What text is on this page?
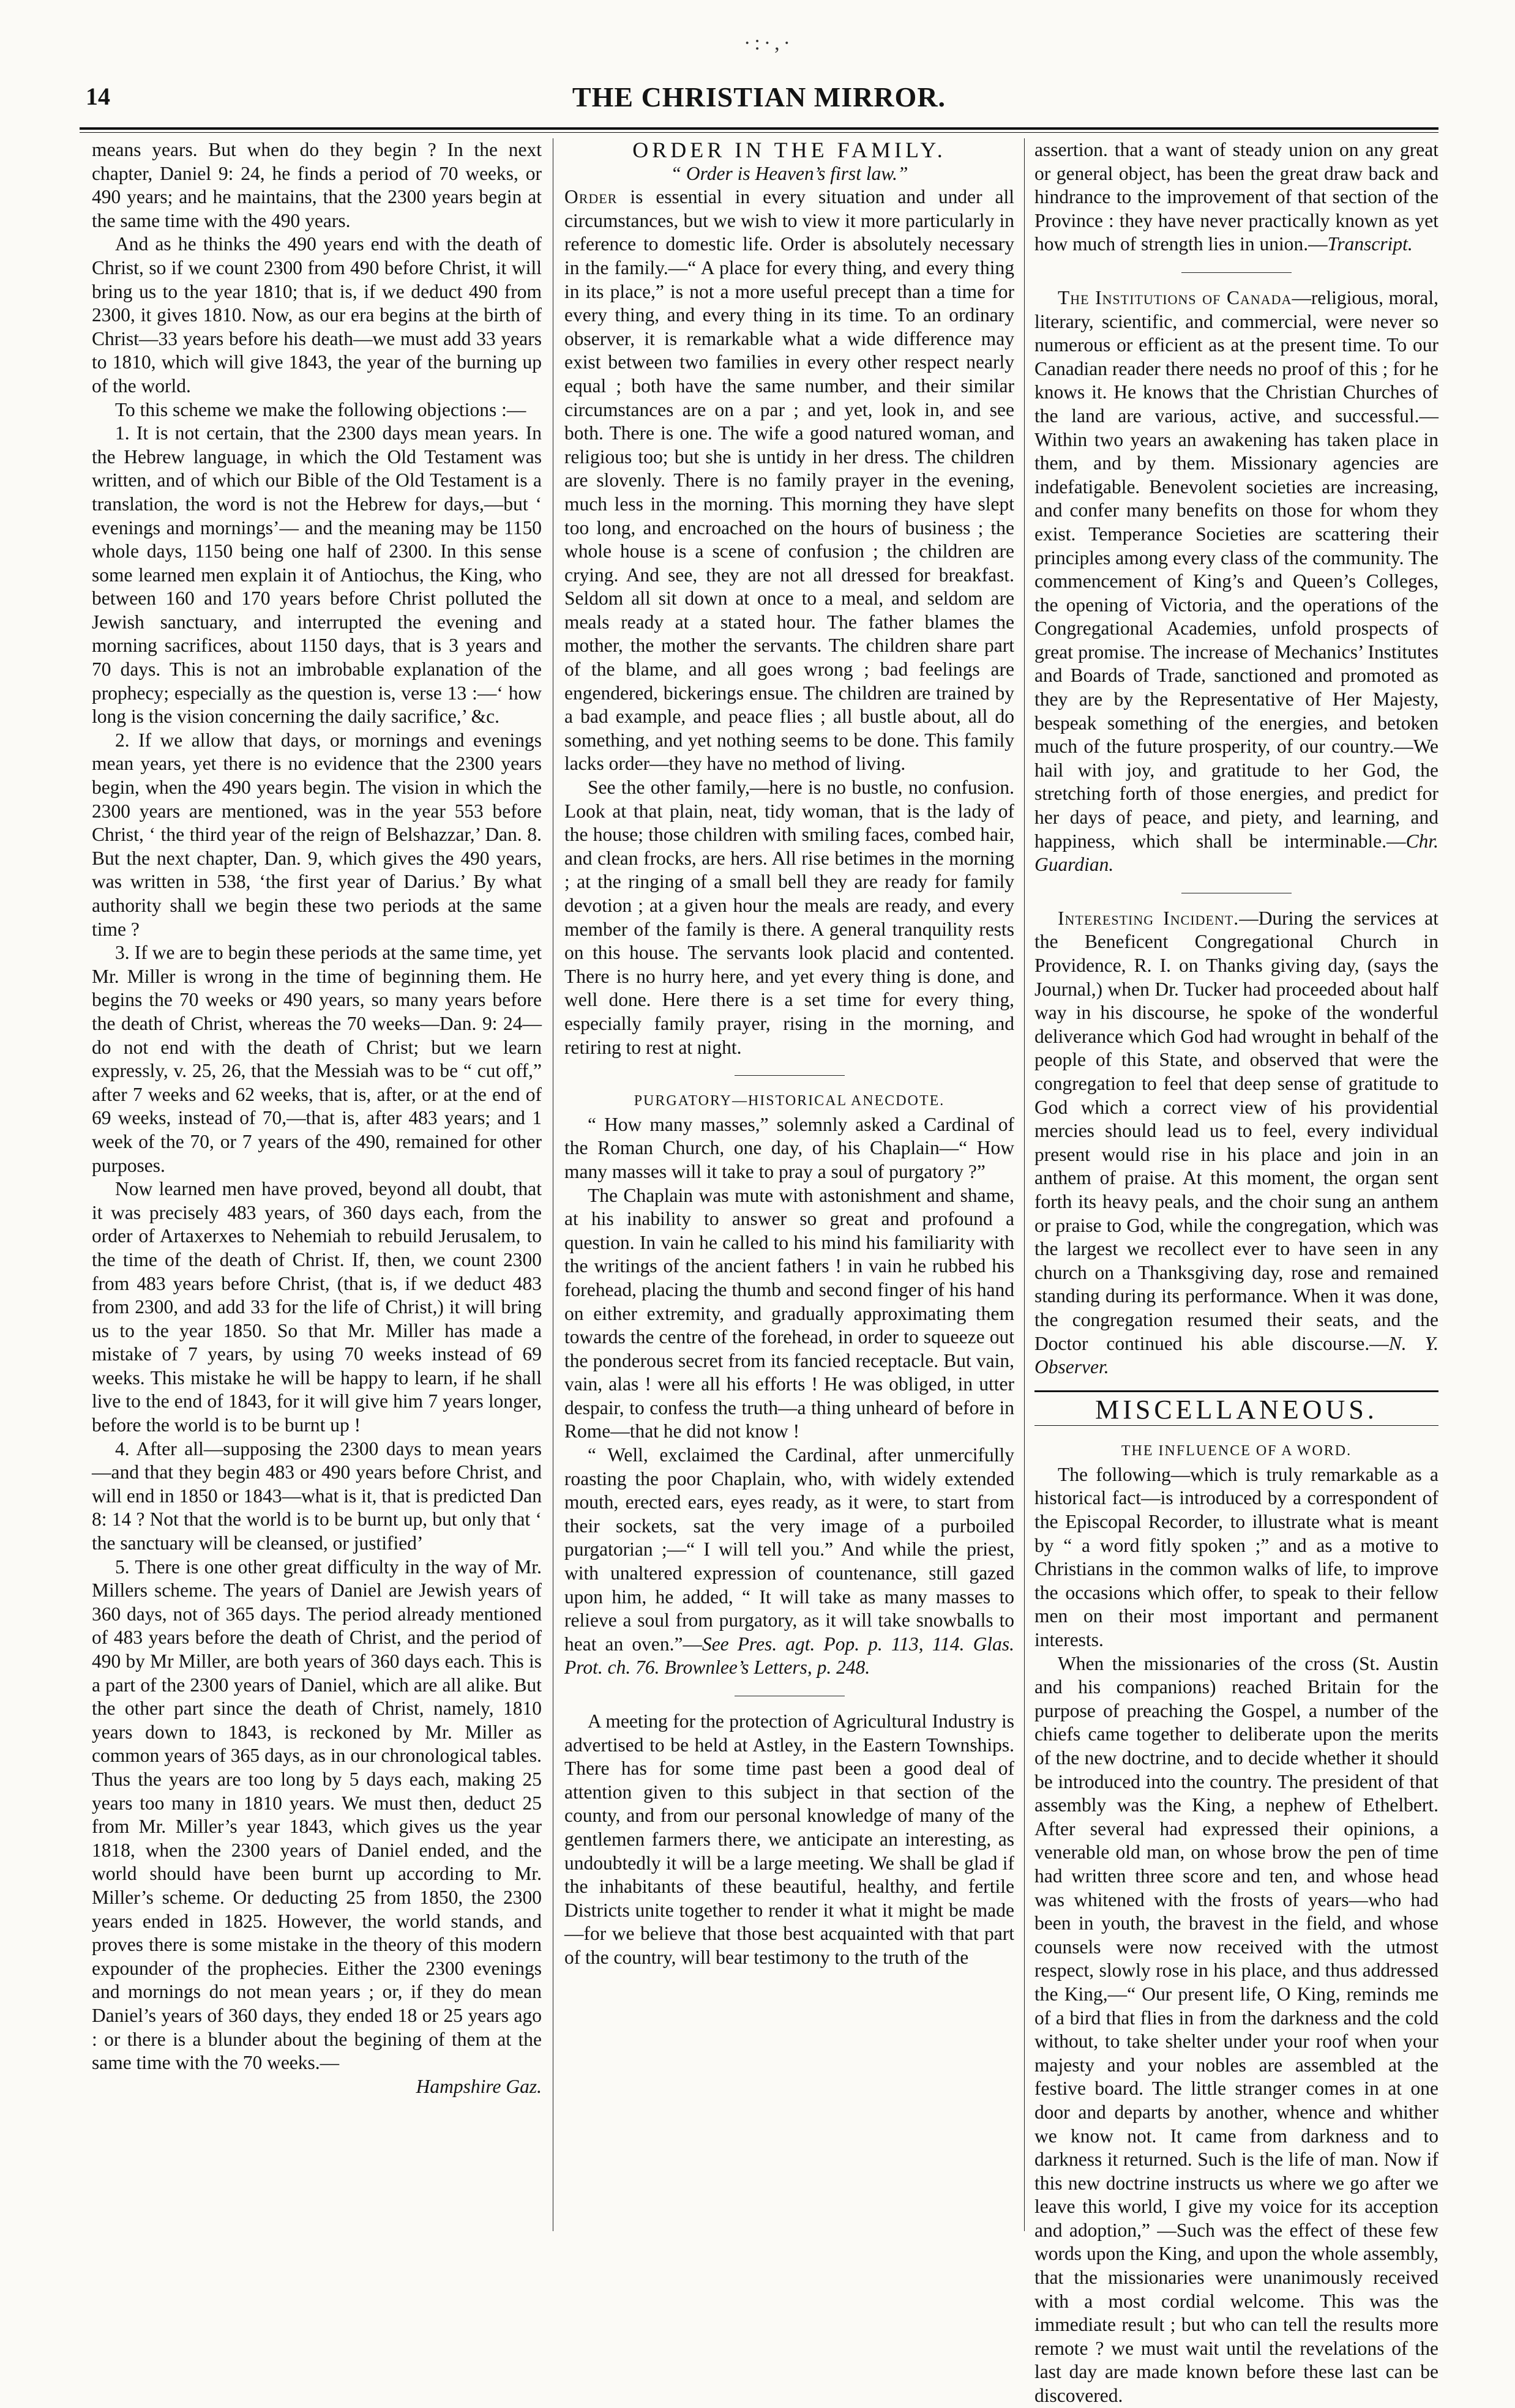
·:·,·
14	THE CHRISTIAN MIRROR.

means years. But when do they begin ? In the next chapter, Daniel 9: 24, he finds a period of 70 weeks, or 490 years; and he maintains, that the 2300 years begin at the same time with the 490 years.

And as he thinks the 490 years end with the death of Christ, so if we count 2300 from 490 before Christ, it will bring us to the year 1810; that is, if we deduct 490 from 2300, it gives 1810. Now, as our era begins at the birth of Christ—33 years before his death—we must add 33 years to 1810, which will give 1843, the year of the burning up of the world.

To this scheme we make the following objections :—

1. It is not certain, that the 2300 days mean years. In the Hebrew language, in which the Old Testament was written, and of which our Bible of the Old Testament is a translation, the word is not the Hebrew for days,—but ‘ evenings and mornings’— and the meaning may be 1150 whole days, 1150 being one half of 2300. In this sense some learned men explain it of Antiochus, the King, who between 160 and 170 years before Christ polluted the Jewish sanctuary, and interrupted the evening and morning sacrifices, about 1150 days, that is 3 years and 70 days. This is not an imbrobable explanation of the prophecy; especially as the question is, verse 13 :—‘ how long is the vision concerning the daily sacrifice,’ &c.

2. If we allow that days, or mornings and evenings mean years, yet there is no evidence that the 2300 years begin, when the 490 years begin. The vision in which the 2300 years are mentioned, was in the year 553 before Christ, ‘ the third year of the reign of Belshazzar,’ Dan. 8. But the next chapter, Dan. 9, which gives the 490 years, was written in 538, ‘the first year of Darius.’ By what authority shall we begin these two periods at the same time ?

3. If we are to begin these periods at the same time, yet Mr. Miller is wrong in the time of beginning them. He begins the 70 weeks or 490 years, so many years before the death of Christ, whereas the 70 weeks—Dan. 9: 24—do not end with the death of Christ; but we learn expressly, v. 25, 26, that the Messiah was to be “ cut off,” after 7 weeks and 62 weeks, that is, after, or at the end of 69 weeks, instead of 70,—that is, after 483 years; and 1 week of the 70, or 7 years of the 490, remained for other purposes.

Now learned men have proved, beyond all doubt, that it was precisely 483 years, of 360 days each, from the order of Artaxerxes to Nehemiah to rebuild Jerusalem, to the time of the death of Christ. If, then, we count 2300 from 483 years before Christ, (that is, if we deduct 483 from 2300, and add 33 for the life of Christ,) it will bring us to the year 1850. So that Mr. Miller has made a mistake of 7 years, by using 70 weeks instead of 69 weeks. This mistake he will be happy to learn, if he shall live to the end of 1843, for it will give him 7 years longer, before the world is to be burnt up !

4. After all—supposing the 2300 days to mean years —and that they begin 483 or 490 years before Christ, and will end in 1850 or 1843—what is it, that is predicted Dan 8: 14 ? Not that the world is to be burnt up, but only that ‘ the sanctuary will be cleansed, or justified’

5. There is one other great difficulty in the way of Mr. Millers scheme. The years of Daniel are Jewish years of 360 days, not of 365 days. The period already mentioned of 483 years before the death of Christ, and the period of 490 by Mr Miller, are both years of 360 days each. This is a part of the 2300 years of Daniel, which are all alike. But the other part since the death of Christ, namely, 1810 years down to 1843, is reckoned by Mr. Miller as common years of 365 days, as in our chronological tables. Thus the years are too long by 5 days each, making 25 years too many in 1810 years. We must then, deduct 25 from Mr. Miller’s year 1843, which gives us the year 1818, when the 2300 years of Daniel ended, and the world should have been burnt up according to Mr. Miller’s scheme. Or deducting 25 from 1850, the 2300 years ended in 1825. However, the world stands, and proves there is some mistake in the theory of this modern expounder of the prophecies. Either the 2300 evenings and mornings do not mean years ; or, if they do mean Daniel’s years of 360 days, they ended 18 or 25 years ago : or there is a blunder about the begining of them at the same time with the 70 weeks.—

Hampshire Gaz.

ORDER IN THE FAMILY.

“ Order is Heaven’s first law.”

Order is essential in every situation and under all circumstances, but we wish to view it more particularly in reference to domestic life. Order is absolutely necessary in the family.—“ A place for every thing, and every thing in its place,” is not a more useful precept than a time for every thing, and every thing in its time. To an ordinary observer, it is remarkable what a wide difference may exist between two families in every other respect nearly equal ; both have the same number, and their similar circumstances are on a par ; and yet, look in, and see both. There is one. The wife a good natured woman, and religious too; but she is untidy in her dress. The children are slovenly. There is no family prayer in the evening, much less in the morning. This morning they have slept too long, and encroached on the hours of business ; the whole house is a scene of confusion ; the children are crying. And see, they are not all dressed for breakfast. Seldom all sit down at once to a meal, and seldom are meals ready at a stated hour. The father blames the mother, the mother the servants. The children share part of the blame, and all goes wrong ; bad feelings are engendered, bickerings ensue. The children are trained by a bad example, and peace flies ; all bustle about, all do something, and yet nothing seems to be done. This family lacks order—they have no method of living.

See the other family,—here is no bustle, no confusion. Look at that plain, neat, tidy woman, that is the lady of the house; those children with smiling faces, combed hair, and clean frocks, are hers. All rise betimes in the morning ; at the ringing of a small bell they are ready for family devotion ; at a given hour the meals are ready, and every member of the family is there. A general tranquility rests on this house. The servants look placid and contented. There is no hurry here, and yet every thing is done, and well done. Here there is a set time for every thing, especially family prayer, rising in the morning, and retiring to rest at night.

PURGATORY—HISTORICAL ANECDOTE.

“ How many masses,” solemnly asked a Cardinal of the Roman Church, one day, of his Chaplain—“ How many masses will it take to pray a soul of purgatory ?”

The Chaplain was mute with astonishment and shame, at his inability to answer so great and profound a question. In vain he called to his mind his familiarity with the writings of the ancient fathers ! in vain he rubbed his forehead, placing the thumb and second finger of his hand on either extremity, and gradually approximating them towards the centre of the forehead, in order to squeeze out the ponderous secret from its fancied receptacle. But vain, vain, alas ! were all his efforts ! He was obliged, in utter despair, to confess the truth—a thing unheard of before in Rome—that he did not know !

“ Well, exclaimed the Cardinal, after unmercifully roasting the poor Chaplain, who, with widely extended mouth, erected ears, eyes ready, as it were, to start from their sockets, sat the very image of a purboiled purgatorian ;—“ I will tell you.” And while the priest, with unaltered expression of countenance, still gazed upon him, he added, “ It will take as many masses to relieve a soul from purgatory, as it will take snowballs to heat an oven.”—See Pres. agt. Pop. p. 113, 114. Glas. Prot. ch. 76. Brownlee’s Letters, p. 248.

A meeting for the protection of Agricultural Industry is advertised to be held at Astley, in the Eastern Townships. There has for some time past been a good deal of attention given to this subject in that section of the county, and from our personal knowledge of many of the gentlemen farmers there, we anticipate an interesting, as undoubtedly it will be a large meeting. We shall be glad if the inhabitants of these beautiful, healthy, and fertile Districts unite together to render it what it might be made—for we believe that those best acquainted with that part of the country, will bear testimony to the truth of the

assertion. that a want of steady union on any great or general object, has been the great draw back and hindrance to the improvement of that section of the Province : they have never practically known as yet how much of strength lies in union.—Transcript.

The Institutions of Canada—religious, moral, literary, scientific, and commercial, were never so numerous or efficient as at the present time. To our Canadian reader there needs no proof of this ; for he knows it. He knows that the Christian Churches of the land are various, active, and successful.—Within two years an awakening has taken place in them, and by them. Missionary agencies are indefatigable. Benevolent societies are increasing, and confer many benefits on those for whom they exist. Temperance Societies are scattering their principles among every class of the community. The commencement of King’s and Queen’s Colleges, the opening of Victoria, and the operations of the Congregational Academies, unfold prospects of great promise. The increase of Mechanics’ Institutes and Boards of Trade, sanctioned and promoted as they are by the Representative of Her Majesty, bespeak something of the energies, and betoken much of the future prosperity, of our country.—We hail with joy, and gratitude to her God, the stretching forth of those energies, and predict for her days of peace, and piety, and learning, and happiness, which shall be interminable.—Chr. Guardian.

Interesting Incident.—During the services at the Beneficent Congregational Church in Providence, R. I. on Thanks giving day, (says the Journal,) when Dr. Tucker had proceeded about half way in his discourse, he spoke of the wonderful deliverance which God had wrought in behalf of the people of this State, and observed that were the congregation to feel that deep sense of gratitude to God which a correct view of his providential mercies should lead us to feel, every individual present would rise in his place and join in an anthem of praise. At this moment, the organ sent forth its heavy peals, and the choir sung an anthem or praise to God, while the congregation, which was the largest we recollect ever to have seen in any church on a Thanksgiving day, rose and remained standing during its performance. When it was done, the congregation resumed their seats, and the Doctor continued his able discourse.—N. Y. Observer.

MISCELLANEOUS.

THE INFLUENCE OF A WORD.

The following—which is truly remarkable as a historical fact—is introduced by a correspondent of the Episcopal Recorder, to illustrate what is meant by “ a word fitly spoken ;” and as a motive to Christians in the common walks of life, to improve the occasions which offer, to speak to their fellow men on their most important and permanent interests.

When the missionaries of the cross (St. Austin and his companions) reached Britain for the purpose of preaching the Gospel, a number of the chiefs came together to deliberate upon the merits of the new doctrine, and to decide whether it should be introduced into the country. The president of that assembly was the King, a nephew of Ethelbert. After several had expressed their opinions, a venerable old man, on whose brow the pen of time had written three score and ten, and whose head was whitened with the frosts of years—who had been in youth, the bravest in the field, and whose counsels were now received with the utmost respect, slowly rose in his place, and thus addressed the King,—“ Our present life, O King, reminds me of a bird that flies in from the darkness and the cold without, to take shelter under your roof when your majesty and your nobles are assembled at the festive board. The little stranger comes in at one door and departs by another, whence and whither we know not. It came from darkness and to darkness it returned. Such is the life of man. Now if this new doctrine instructs us where we go after we leave this world, I give my voice for its acception and adoption,” —Such was the effect of these few words upon the King, and upon the whole assembly, that the missionaries were unanimously received with a most cordial welcome. This was the immediate result ; but who can tell the results more remote ? we must wait until the revelations of the last day are made known before these last can be discovered.
